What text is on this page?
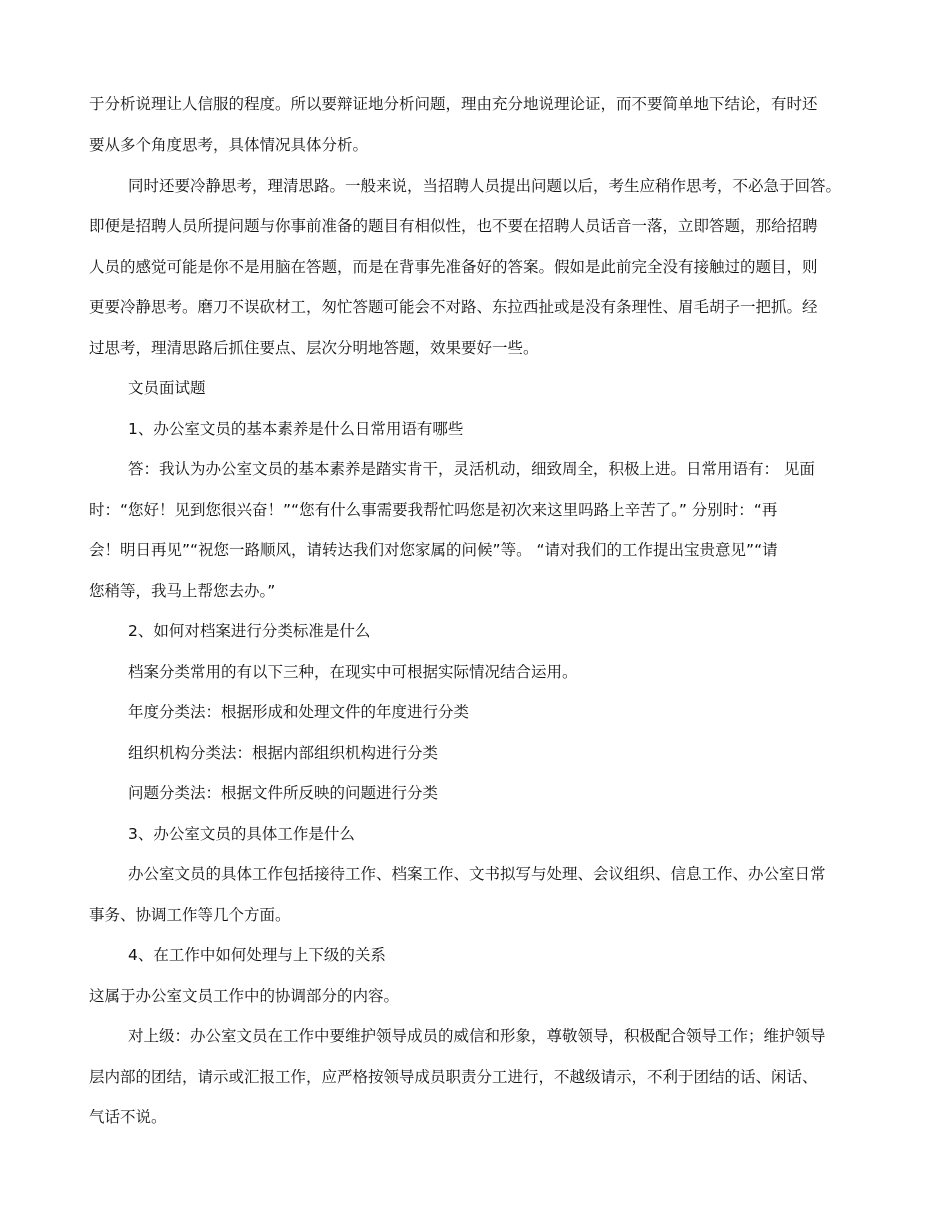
于分析说理让人信服的程度。所以要辩证地分析问题，理由充分地说理论证，而不要简单地下结论，有时还
要从多个角度思考，具体情况具体分析。
同时还要冷静思考，理清思路。一般来说，当招聘人员提出问题以后，考生应稍作思考，不必急于回答。
即便是招聘人员所提问题与你事前准备的题目有相似性，也不要在招聘人员话音一落，立即答题，那给招聘
人员的感觉可能是你不是用脑在答题，而是在背事先准备好的答案。假如是此前完全没有接触过的题目，则
更要冷静思考。磨刀不误砍材工，匆忙答题可能会不对路、东拉西扯或是没有条理性、眉毛胡子一把抓。经
过思考，理清思路后抓住要点、层次分明地答题，效果要好一些。
文员面试题
1、办公室文员的基本素养是什么日常用语有哪些
答：我认为办公室文员的基本素养是踏实肯干，灵活机动，细致周全，积极上进。日常用语有： 见面
时：“您好！见到您很兴奋！”“您有什么事需要我帮忙吗您是初次来这里吗路上辛苦了。” 分别时：“再
会！明日再见”“祝您一路顺风，请转达我们对您家属的问候”等。 “请对我们的工作提出宝贵意见”“请
您稍等，我马上帮您去办。”
2、如何对档案进行分类标准是什么
档案分类常用的有以下三种，在现实中可根据实际情况结合运用。
年度分类法：根据形成和处理文件的年度进行分类
组织机构分类法：根据内部组织机构进行分类
问题分类法：根据文件所反映的问题进行分类
3、办公室文员的具体工作是什么
办公室文员的具体工作包括接待工作、档案工作、文书拟写与处理、会议组织、信息工作、办公室日常
事务、协调工作等几个方面。
4、在工作中如何处理与上下级的关系
这属于办公室文员工作中的协调部分的内容。
对上级：办公室文员在工作中要维护领导成员的威信和形象，尊敬领导，积极配合领导工作；维护领导
层内部的团结，请示或汇报工作，应严格按领导成员职责分工进行，不越级请示，不利于团结的话、闲话、
气话不说。
